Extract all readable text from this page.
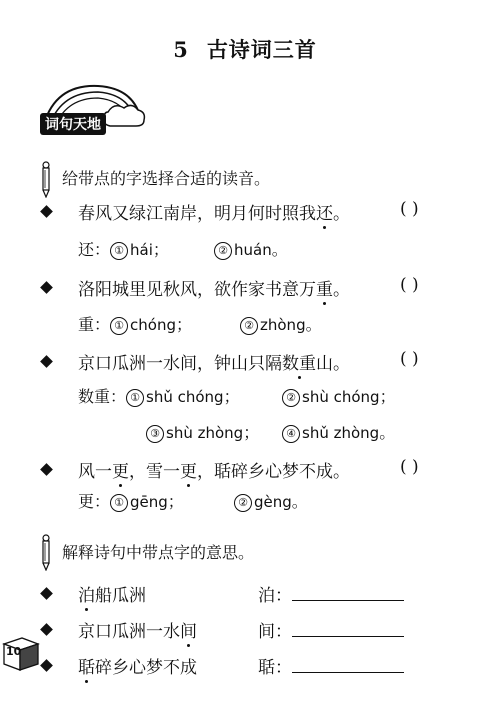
5 古诗词三首
词句天地
给带点的字选择合适的读音。
春风又绿江南岸，明月何时照我还。	( )
还： ① hái；	② huán。
洛阳城里见秋风，欲作家书意万重。	( )
重： ① chóng；	② zhòng。
京口瓜洲一水间，钟山只隔数重山。	( )
数重： ① shǔ chóng；	② shù chóng；
③ shù zhòng；	④ shǔ zhòng。
风一更，雪一更，聒碎乡心梦不成。	( )
更： ① gēng；	② gèng。
解释诗句中带点字的意思。
泊船瓜洲	泊：
京口瓜洲一水间	间：
聒碎乡心梦不成	聒：
10
